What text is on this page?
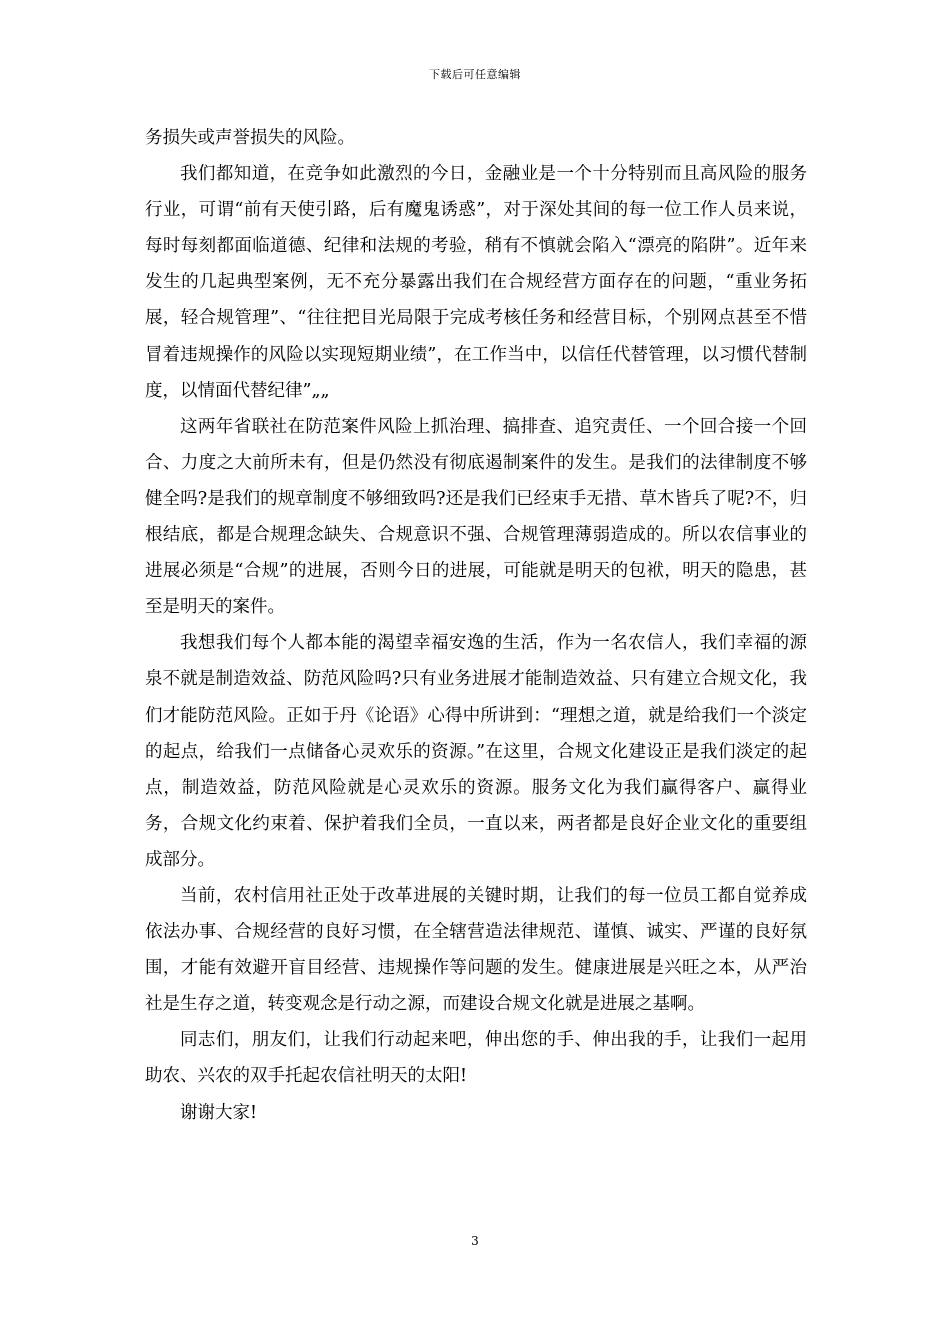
下载后可任意编辑

务损失或声誉损失的风险。

我们都知道，在竞争如此激烈的今日，金融业是一个十分特别而且高风险的服务行业，可谓“前有天使引路，后有魔鬼诱惑”，对于深处其间的每一位工作人员来说，每时每刻都面临道德、纪律和法规的考验，稍有不慎就会陷入“漂亮的陷阱”。近年来发生的几起典型案例，无不充分暴露出我们在合规经营方面存在的问题，“重业务拓展，轻合规管理”、“往往把目光局限于完成考核任务和经营目标，个别网点甚至不惜冒着违规操作的风险以实现短期业绩”，在工作当中，以信任代替管理，以习惯代替制度，以情面代替纪律”„„

这两年省联社在防范案件风险上抓治理、搞排查、追究责任、一个回合接一个回合、力度之大前所未有，但是仍然没有彻底遏制案件的发生。是我们的法律制度不够健全吗?是我们的规章制度不够细致吗?还是我们已经束手无措、草木皆兵了呢?不，归根结底，都是合规理念缺失、合规意识不强、合规管理薄弱造成的。所以农信事业的进展必须是“合规”的进展，否则今日的进展，可能就是明天的包袱，明天的隐患，甚至是明天的案件。

我想我们每个人都本能的渴望幸福安逸的生活，作为一名农信人，我们幸福的源泉不就是制造效益、防范风险吗?只有业务进展才能制造效益、只有建立合规文化，我们才能防范风险。正如于丹《论语》心得中所讲到：“理想之道，就是给我们一个淡定的起点，给我们一点储备心灵欢乐的资源。”在这里，合规文化建设正是我们淡定的起点，制造效益，防范风险就是心灵欢乐的资源。服务文化为我们赢得客户、赢得业务，合规文化约束着、保护着我们全员，一直以来，两者都是良好企业文化的重要组成部分。

当前，农村信用社正处于改革进展的关键时期，让我们的每一位员工都自觉养成依法办事、合规经营的良好习惯，在全辖营造法律规范、谨慎、诚实、严谨的良好氛围，才能有效避开盲目经营、违规操作等问题的发生。健康进展是兴旺之本，从严治社是生存之道，转变观念是行动之源，而建设合规文化就是进展之基啊。

同志们，朋友们，让我们行动起来吧，伸出您的手、伸出我的手，让我们一起用助农、兴农的双手托起农信社明天的太阳!

谢谢大家!

3
